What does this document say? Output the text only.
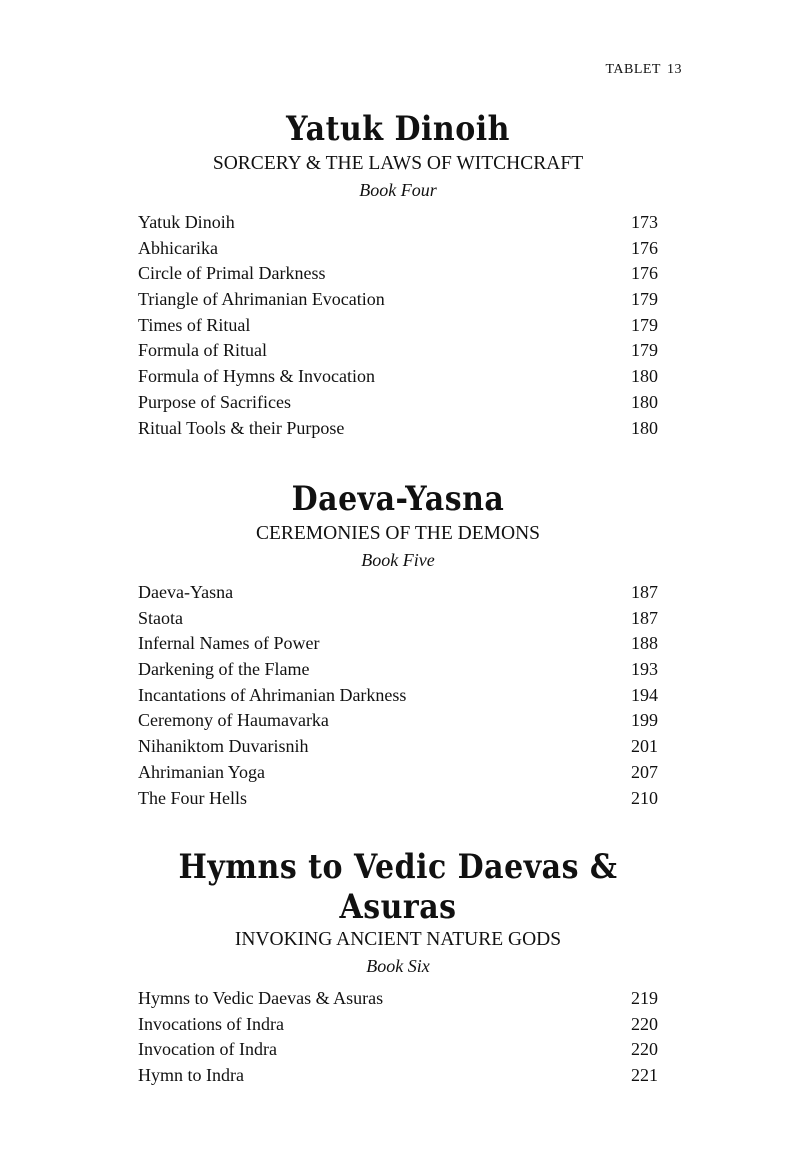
TABLET 13
Yatuk Dinoih
SORCERY & THE LAWS OF WITCHCRAFT
Book Four
Yatuk Dinoih	173
Abhicarika	176
Circle of Primal Darkness	176
Triangle of Ahrimanian Evocation	179
Times of Ritual	179
Formula of Ritual	179
Formula of Hymns & Invocation	180
Purpose of Sacrifices	180
Ritual Tools & their Purpose	180
Daeva-Yasna
CEREMONIES OF THE DEMONS
Book Five
Daeva-Yasna	187
Staota	187
Infernal Names of Power	188
Darkening of the Flame	193
Incantations of Ahrimanian Darkness	194
Ceremony of Haumavarka	199
Nihaniktom Duvarisnih	201
Ahrimanian Yoga	207
The Four Hells	210
Hymns to Vedic Daevas & Asuras
INVOKING ANCIENT NATURE GODS
Book Six
Hymns to Vedic Daevas & Asuras	219
Invocations of Indra	220
Invocation of Indra	220
Hymn to Indra	221
